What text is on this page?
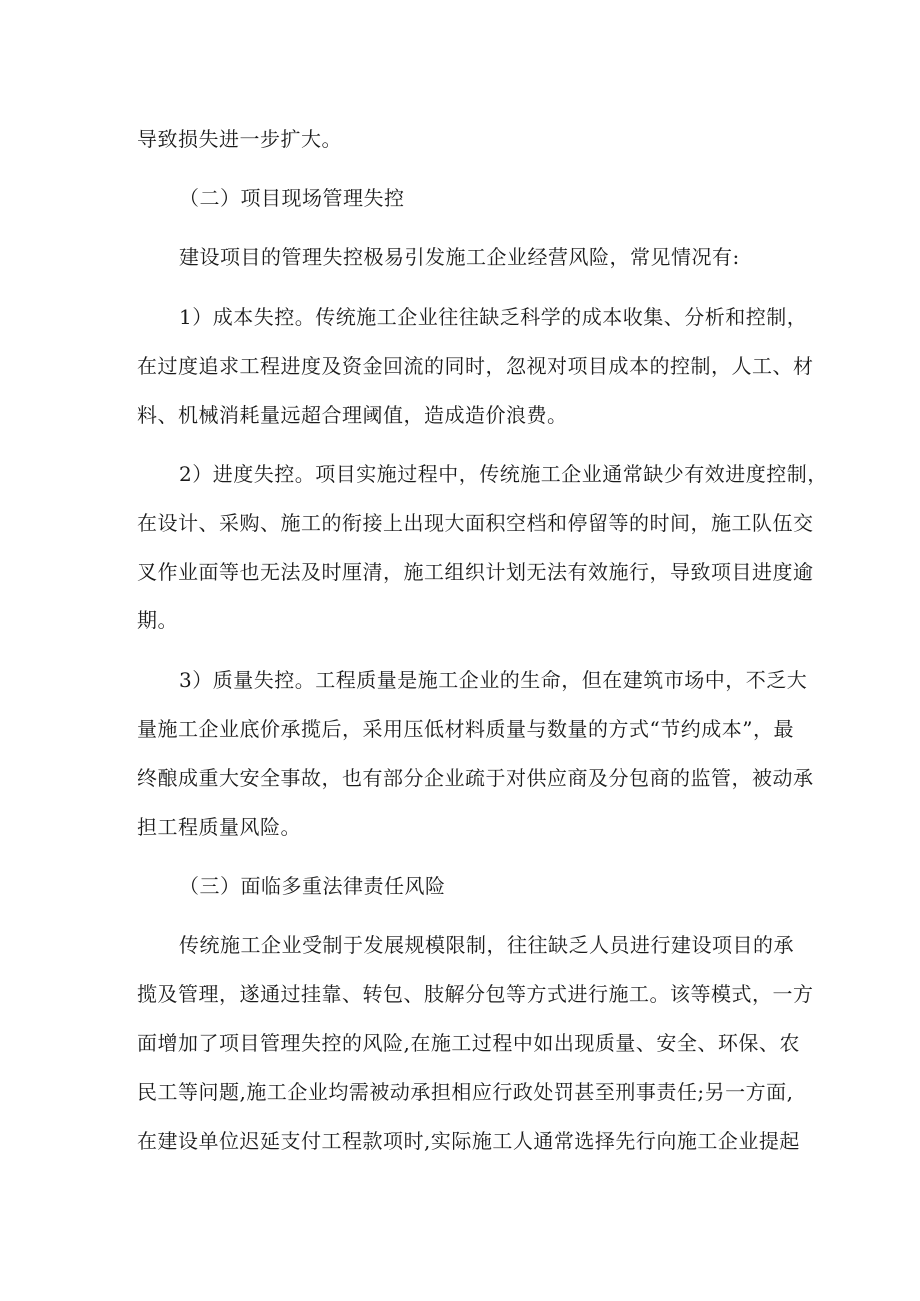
导致损失进一步扩大。
（二）项目现场管理失控
建设项目的管理失控极易引发施工企业经营风险，常见情况有:
1）成本失控。传统施工企业往往缺乏科学的成本收集、分析和控制，
在过度追求工程进度及资金回流的同时，忽视对项目成本的控制，人工、材
料、机械消耗量远超合理阈值，造成造价浪费。
2）进度失控。项目实施过程中，传统施工企业通常缺少有效进度控制，
在设计、采购、施工的衔接上出现大面积空档和停留等的时间，施工队伍交
叉作业面等也无法及时厘清，施工组织计划无法有效施行，导致项目进度逾
期。
3）质量失控。工程质量是施工企业的生命，但在建筑市场中，不乏大
量施工企业底价承揽后，采用压低材料质量与数量的方式“节约成本”，最
终酿成重大安全事故，也有部分企业疏于对供应商及分包商的监管，被动承
担工程质量风险。
（三）面临多重法律责任风险
传统施工企业受制于发展规模限制，往往缺乏人员进行建设项目的承
揽及管理，遂通过挂靠、转包、肢解分包等方式进行施工。该等模式，一方
面增加了项目管理失控的风险,在施工过程中如出现质量、安全、环保、农
民工等问题,施工企业均需被动承担相应行政处罚甚至刑事责任;另一方面,
在建设单位迟延支付工程款项时,实际施工人通常选择先行向施工企业提起
